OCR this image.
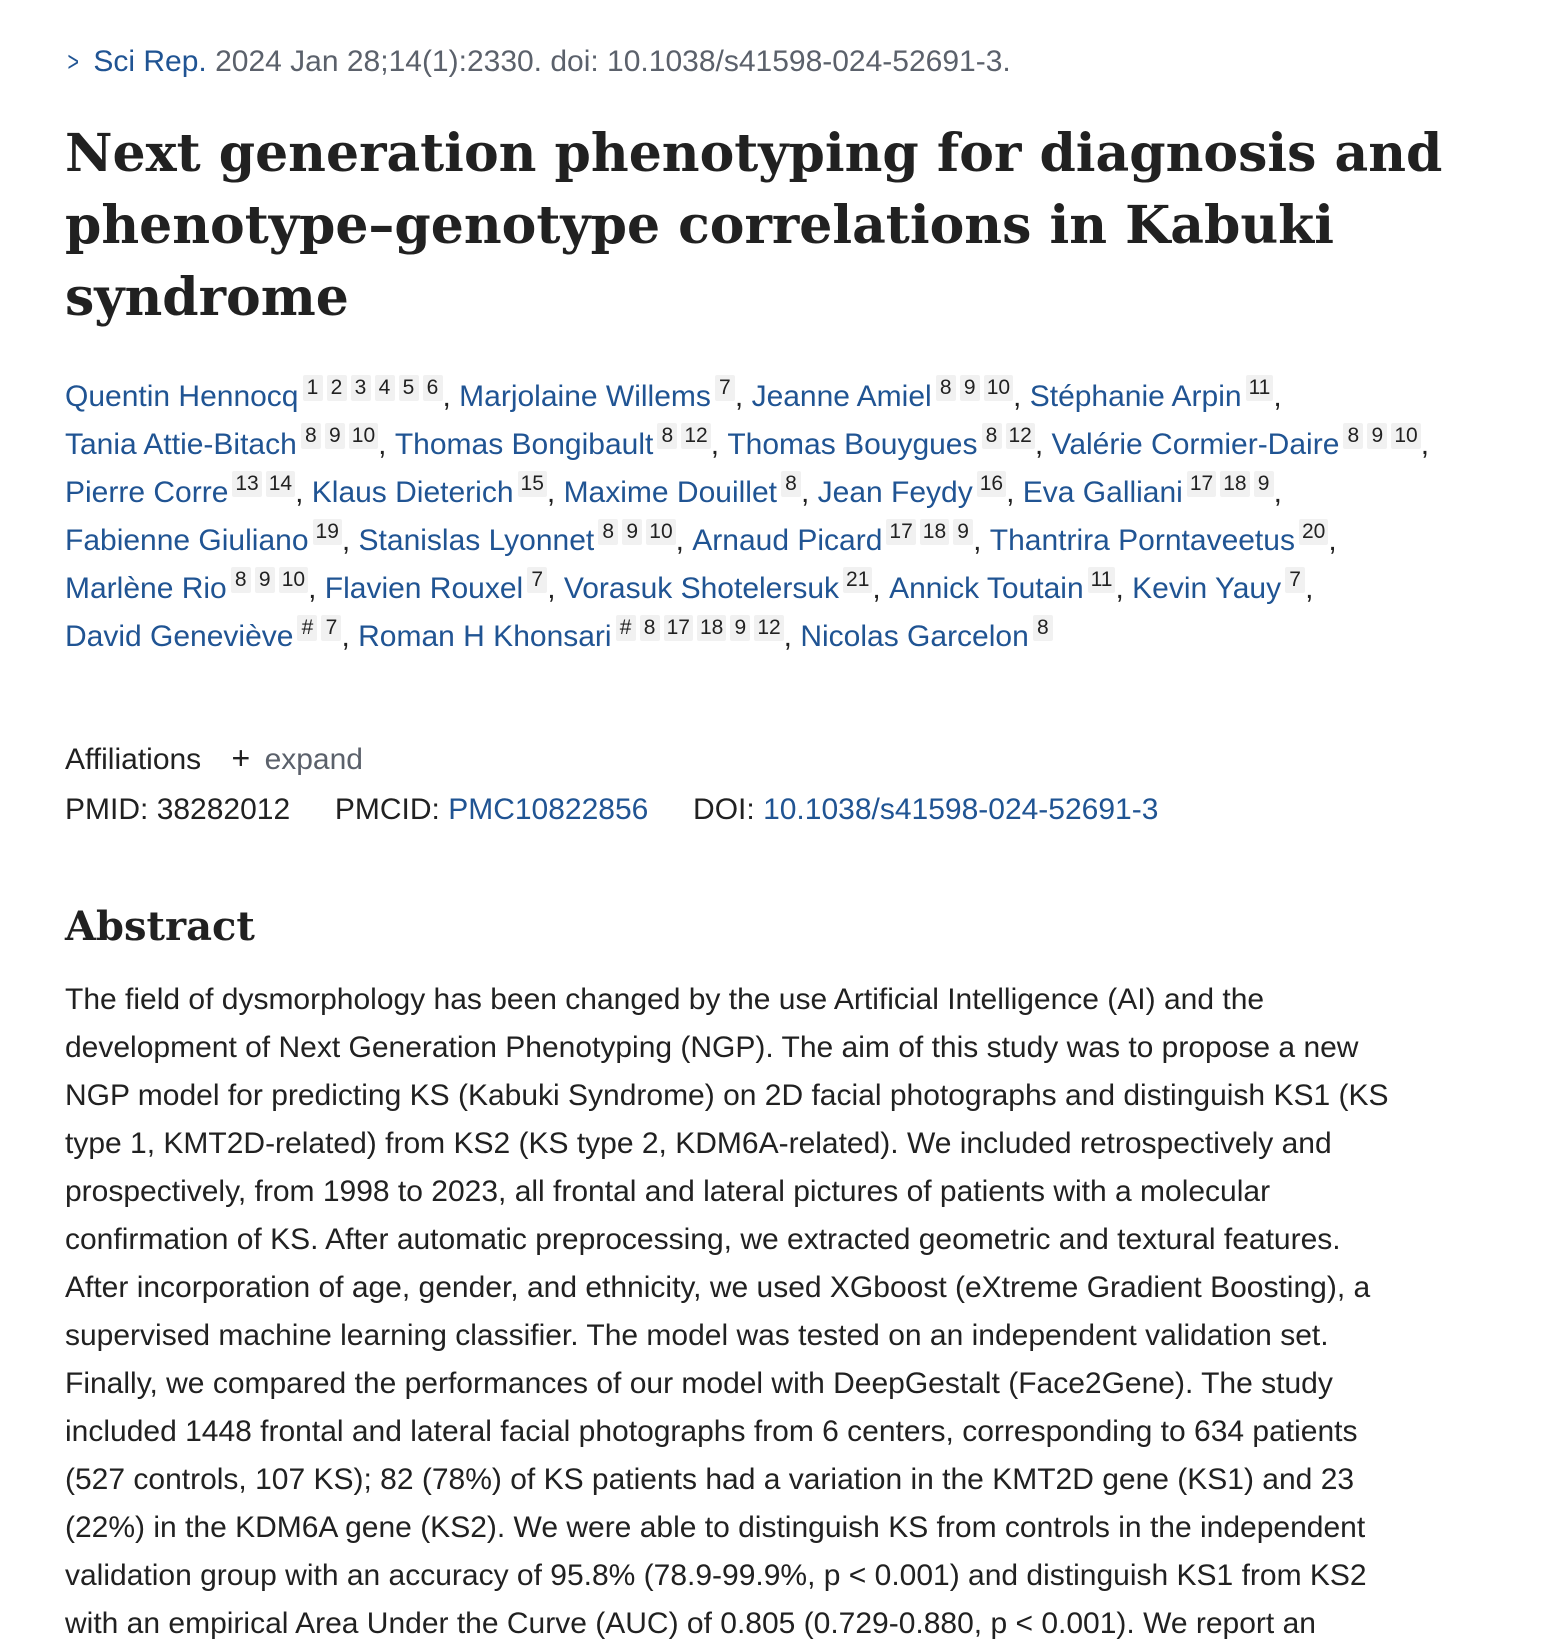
> Sci Rep. 2024 Jan 28;14(1):2330. doi: 10.1038/s41598-024-52691-3.
Next generation phenotyping for diagnosis and phenotype–genotype correlations in Kabuki syndrome
Quentin Hennocq 1 2 3 4 5 6 , Marjolaine Willems 7 , Jeanne Amiel 8 9 10 , Stéphanie Arpin 11 , Tania Attie-Bitach 8 9 10 , Thomas Bongibault 8 12 , Thomas Bouygues 8 12 , Valérie Cormier-Daire 8 9 10 , Pierre Corre 13 14 , Klaus Dieterich 15 , Maxime Douillet 8 , Jean Feydy 16 , Eva Galliani 17 18 9 , Fabienne Giuliano 19 , Stanislas Lyonnet 8 9 10 , Arnaud Picard 17 18 9 , Thantrira Porntaveetus 20 , Marlène Rio 8 9 10 , Flavien Rouxel 7 , Vorasuk Shotelersuk 21 , Annick Toutain 11 , Kevin Yauy 7 , David Geneviève # 7 , Roman H Khonsari # 8 17 18 9 12 , Nicolas Garcelon 8
Affiliations + expand
PMID: 38282012 PMCID: PMC10822856 DOI: 10.1038/s41598-024-52691-3
Abstract
The field of dysmorphology has been changed by the use Artificial Intelligence (AI) and the
development of Next Generation Phenotyping (NGP). The aim of this study was to propose a new
NGP model for predicting KS (Kabuki Syndrome) on 2D facial photographs and distinguish KS1 (KS
type 1, KMT2D-related) from KS2 (KS type 2, KDM6A-related). We included retrospectively and
prospectively, from 1998 to 2023, all frontal and lateral pictures of patients with a molecular
confirmation of KS. After automatic preprocessing, we extracted geometric and textural features.
After incorporation of age, gender, and ethnicity, we used XGboost (eXtreme Gradient Boosting), a
supervised machine learning classifier. The model was tested on an independent validation set.
Finally, we compared the performances of our model with DeepGestalt (Face2Gene). The study
included 1448 frontal and lateral facial photographs from 6 centers, corresponding to 634 patients
(527 controls, 107 KS); 82 (78%) of KS patients had a variation in the KMT2D gene (KS1) and 23
(22%) in the KDM6A gene (KS2). We were able to distinguish KS from controls in the independent
validation group with an accuracy of 95.8% (78.9-99.9%, p < 0.001) and distinguish KS1 from KS2
with an empirical Area Under the Curve (AUC) of 0.805 (0.729-0.880, p < 0.001). We report an
